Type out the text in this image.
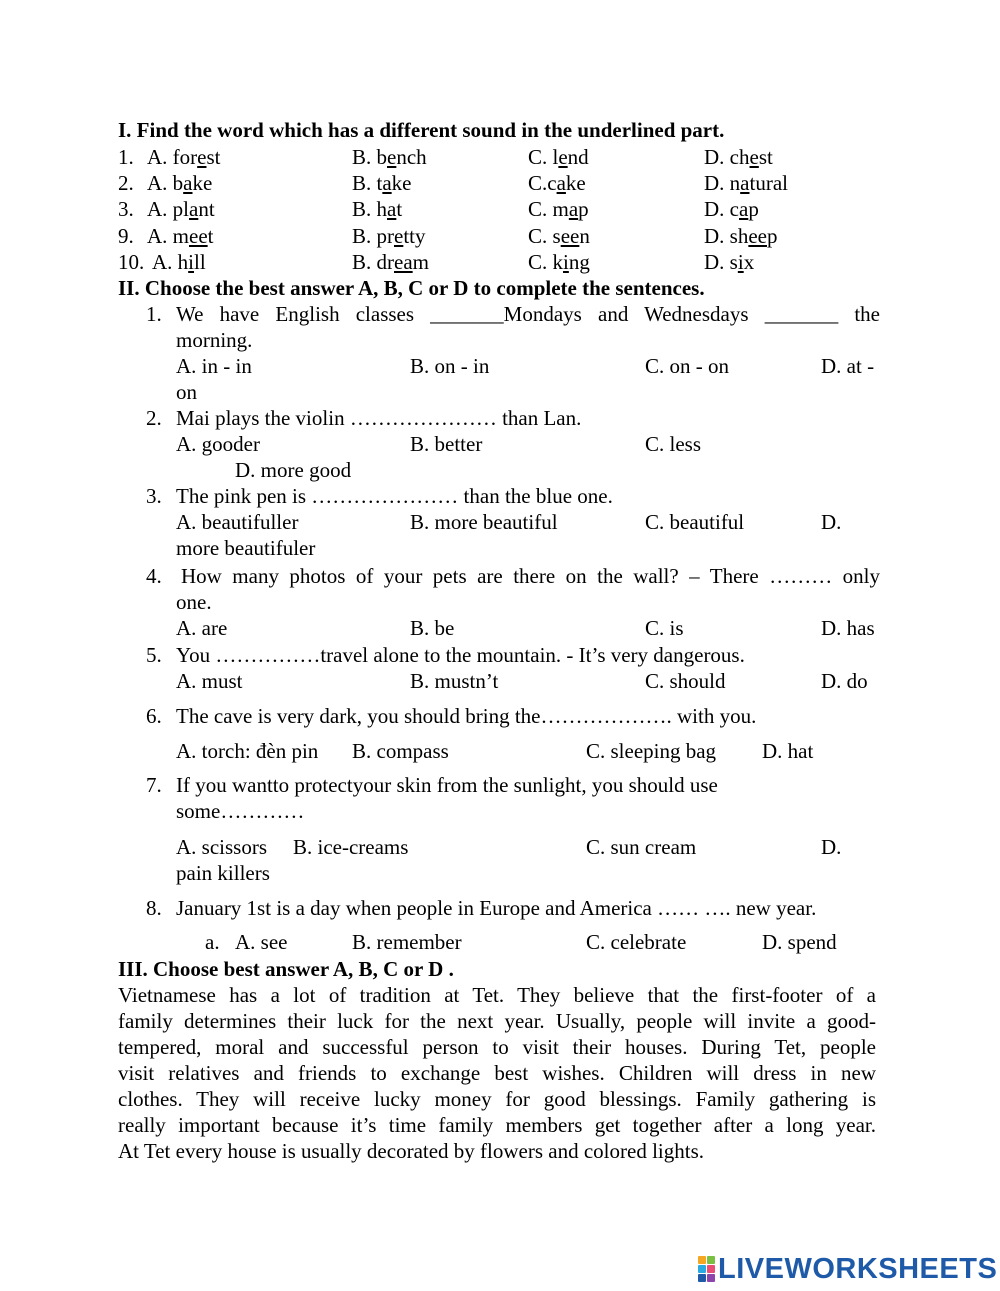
I. Find the word which has a different sound in the underlined part.
1. A. forest	B. bench	C. lend	D. chest
2. A. bake	B. take	C.cake	D. natural
3. A. plant	B. hat	C. map	D. cap
9. A. meet	B. pretty	C. seen	D. sheep
10. A. hill	B. dream	C. king	D. six
II. Choose the best answer A, B, C or D to complete the sentences.
1. We have English classes _______Mondays and Wednesdays _______ the
morning.
A. in - in	B. on - in	C. on - on	D. at -
on
2. Mai plays the violin ………………… than Lan.
A. gooder	B. better	C. less
D. more good
3. The pink pen is ………………… than the blue one.
A. beautifuller	B. more beautiful	C. beautiful	D.
more beautifuler
4. How many photos of your pets are there on the wall? – There ……… only
one.
A. are	B. be	C. is	D. has
5. You ……………travel alone to the mountain. - It’s very dangerous.
A. must	B. mustn’t	C. should	D. do
6. The cave is very dark, you should bring the………………. with you.
A. torch: đèn pin B. compass	C. sleeping bag D. hat
7. If you wantto protectyour skin from the sunlight, you should use
some…………
A. scissors B. ice-creams	C. sun cream	D.
pain killers
8. January 1st is a day when people in Europe and America …… …. new year.
a. A. see	B. remember	C. celebrate	D. spend
III. Choose best answer A, B, C or D .
Vietnamese has a lot of tradition at Tet. They believe that the first-footer of a
family determines their luck for the next year. Usually, people will invite a good-
tempered, moral and successful person to visit their houses. During Tet, people
visit relatives and friends to exchange best wishes. Children will dress in new
clothes. They will receive lucky money for good blessings. Family gathering is
really important because it’s time family members get together after a long year.
At Tet every house is usually decorated by flowers and colored lights.
LIVEWORKSHEETS
